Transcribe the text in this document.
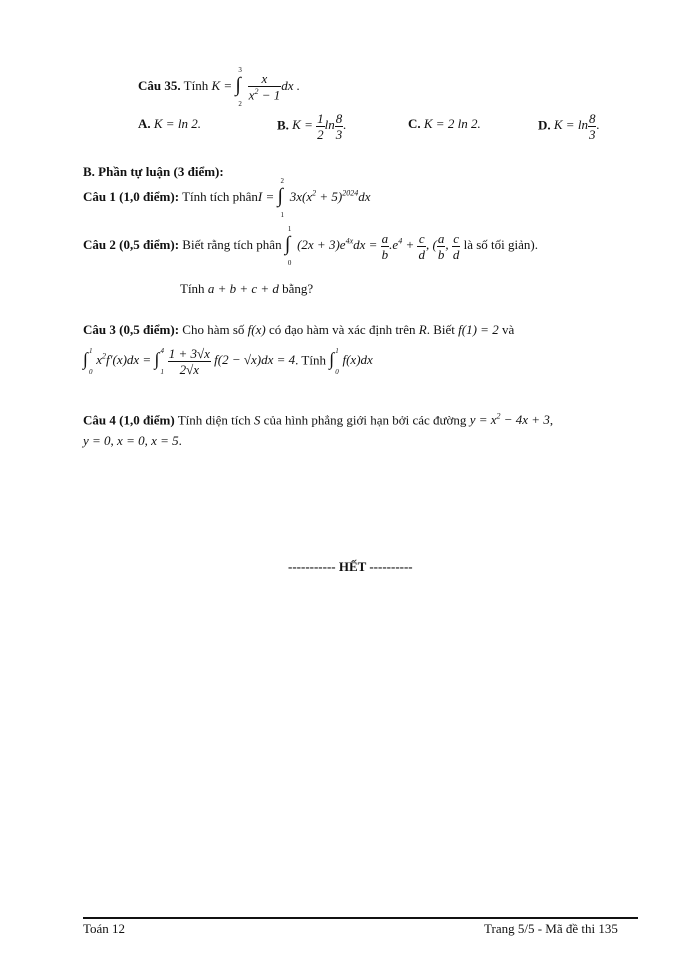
Câu 35. Tính K = ∫
3
2

$\frac{x}{x^2 - 1}$ dx .
A. K = ln 2.	B. $K = \frac{1}{2}$ $\ln \frac{8}{3}$ .	C. K = 2 ln 2.	D. $K = \ln \frac{8}{3}$ .
B. Phần tự luận (3 điểm):
Câu 1 (1,0 điểm): Tính tích phânI = ∫
2
1
$3x(x^2 + 5)^{2024}dx$
Câu 2 (0,5 điểm): Biết rằng tích phân ∫
1
0
$(2x + 3)e^{4x}dx = \frac{a}{b} .e^4 + \frac{c}{d}$ , ( $\frac{a}{b}$ , $\frac{c}{d}$ là số tối giản).
Tính a + b + c + d bằng?
Câu 3 (0,5 điểm): Cho hàm số f(x) có đạo hàm và xác định trên R. Biết f(1) = 2 và
∫ 1
0
$x^2f'(x)dx$ = ∫ 4
1
$\frac{1 + 3√x}{2√x} f(2 - √x)dx = 4$. Tính ∫ 1
0
f(x)dx
Câu 4 (1,0 điểm) Tính diện tích S của hình phẳng giới hạn bởi các đường $y = x^2 - 4x + 3$,
y = 0, x = 0, x = 5.
----------- HẾT ----------
Toán 12	Trang 5/5 - Mã đề thi 135
